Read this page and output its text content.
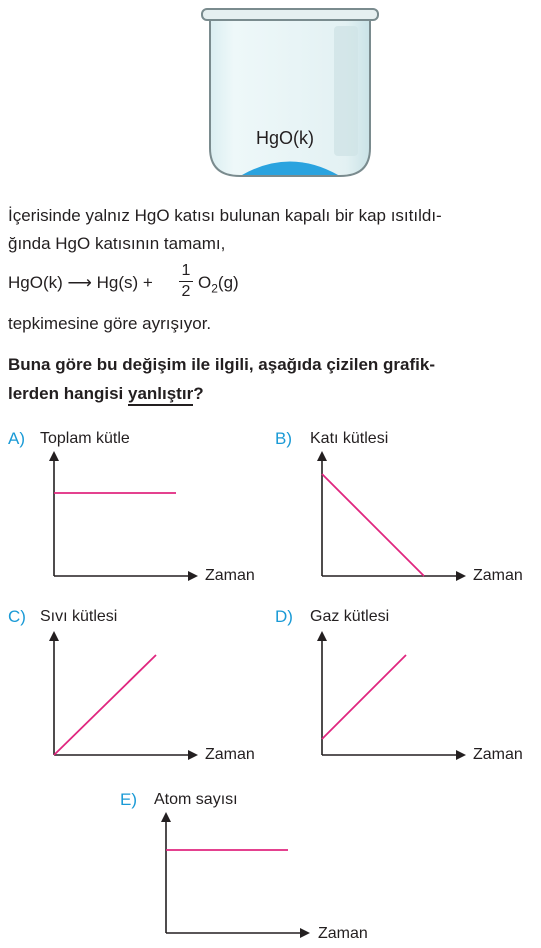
HgO(k)
İçerisinde yalnız HgO katısı bulunan kapalı bir kap ısıtıldı-
ğında HgO katısının tamamı,
HgO(k) ⟶ Hg(s) +
1
2 $O_2(g)$
tepkimesine göre ayrışıyor.
Buna göre bu değişim ile ilgili, aşağıda çizilen grafik-
lerden hangisi yanlıştır?
A) Toplam kütle
Zaman
B) Katı kütlesi
Zaman
C) Sıvı kütlesi
Zaman
D) Gaz kütlesi
Zaman
E) Atom sayısı
Zaman
